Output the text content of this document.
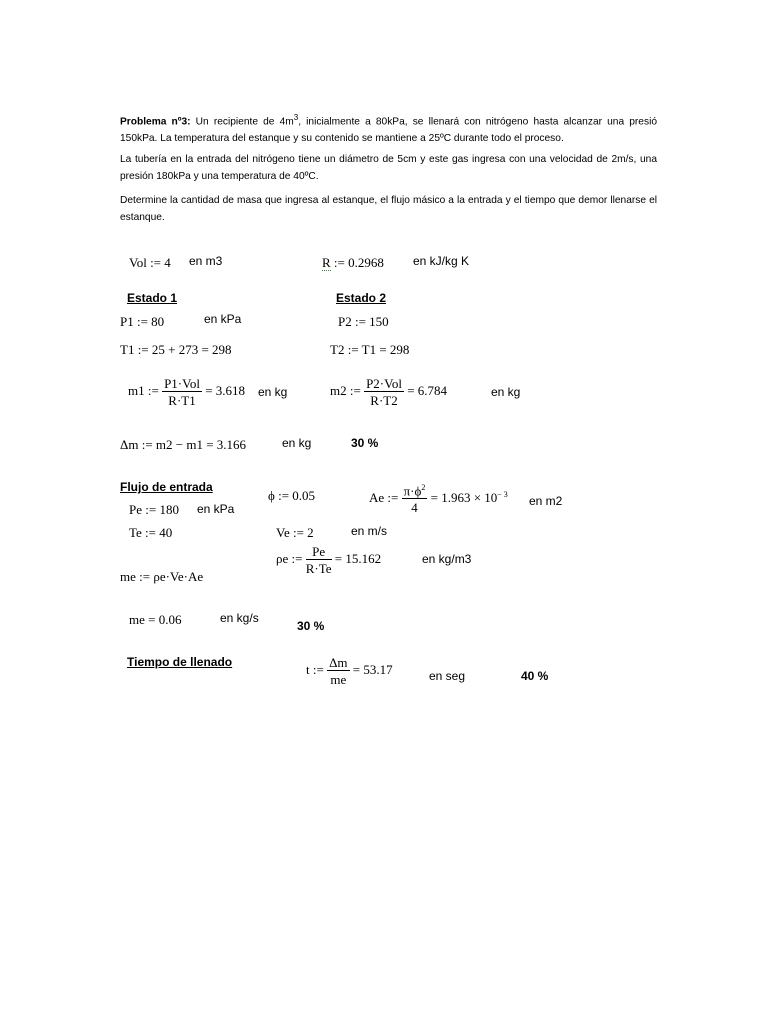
Problema nº3: Un recipiente de $4m^3$, inicialmente a 80kPa, se llenará con nitrógeno hasta alcanzar una presió 150kPa. La temperatura del estanque y su contenido se mantiene a 25ºC durante todo el proceso.
La tubería en la entrada del nitrógeno tiene un diámetro de 5cm y este gas ingresa con una velocidad de 2m/s, una presión 180kPa y una temperatura de 40ºC.
Determine la cantidad de masa que ingresa al estanque, el flujo másico a la entrada y el tiempo que demor llenarse el estanque.
Vol := 4 en m3	R := 0.2968 en kJ/kg K
Estado 1
P1 := 80	en kPa
T1 := 25 + 273 = 298
m1 := $\frac{\text{P1·Vol}}{R\cdot T1} = 3.618$ en kg
Estado 2
P2 := 150
T2 := T1 = 298
m2 := $\frac{\text{P2·Vol}}{R\cdot T2} = 6.784$	en kg
Δm := m2 − m1 = 3.166	en kg	30 %
Flujo de entrada
ϕ := 0.05	Ae := $\frac{\pi\cdot\phi^2}{4} = 1.963 \times 10^{- 3}$ en m2
Pe := 180 en kPa
Te := 40	Ve := 2	en m/s
ρe := $\frac{Pe}{R\cdot Te} = 15.162$	en kg/m3
me := ρe·Ve·Ae
me = 0.06	en kg/s
30 %
Tiempo de llenado	t := $\frac{\Delta m}{me} = 53.17$	en seg	40 %
